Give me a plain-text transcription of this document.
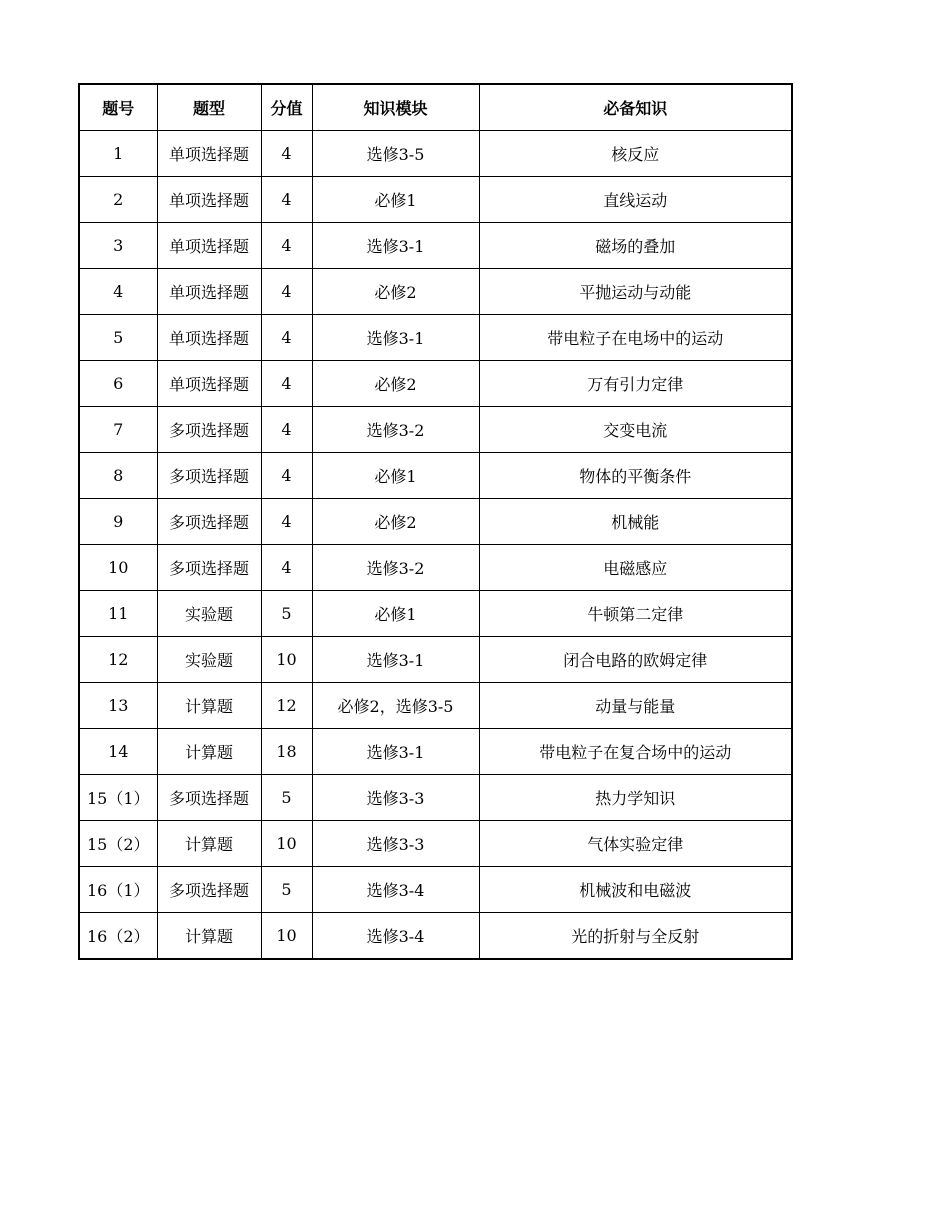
题号	题型	分值	知识模块	必备知识
1	单项选择题	4	选修3-5	核反应
2	单项选择题	4	必修1	直线运动
3	单项选择题	4	选修3-1	磁场的叠加
4	单项选择题	4	必修2	平抛运动与动能
5	单项选择题	4	选修3-1	带电粒子在电场中的运动
6	单项选择题	4	必修2	万有引力定律
7	多项选择题	4	选修3-2	交变电流
8	多项选择题	4	必修1	物体的平衡条件
9	多项选择题	4	必修2	机械能
10	多项选择题	4	选修3-2	电磁感应
11	实验题	5	必修1	牛顿第二定律
12	实验题	10	选修3-1	闭合电路的欧姆定律
13	计算题	12	必修2，选修3-5	动量与能量
14	计算题	18	选修3-1	带电粒子在复合场中的运动
15（1）	多项选择题	5	选修3-3	热力学知识
15（2）	计算题	10	选修3-3	气体实验定律
16（1）	多项选择题	5	选修3-4	机械波和电磁波
16（2）	计算题	10	选修3-4	光的折射与全反射
